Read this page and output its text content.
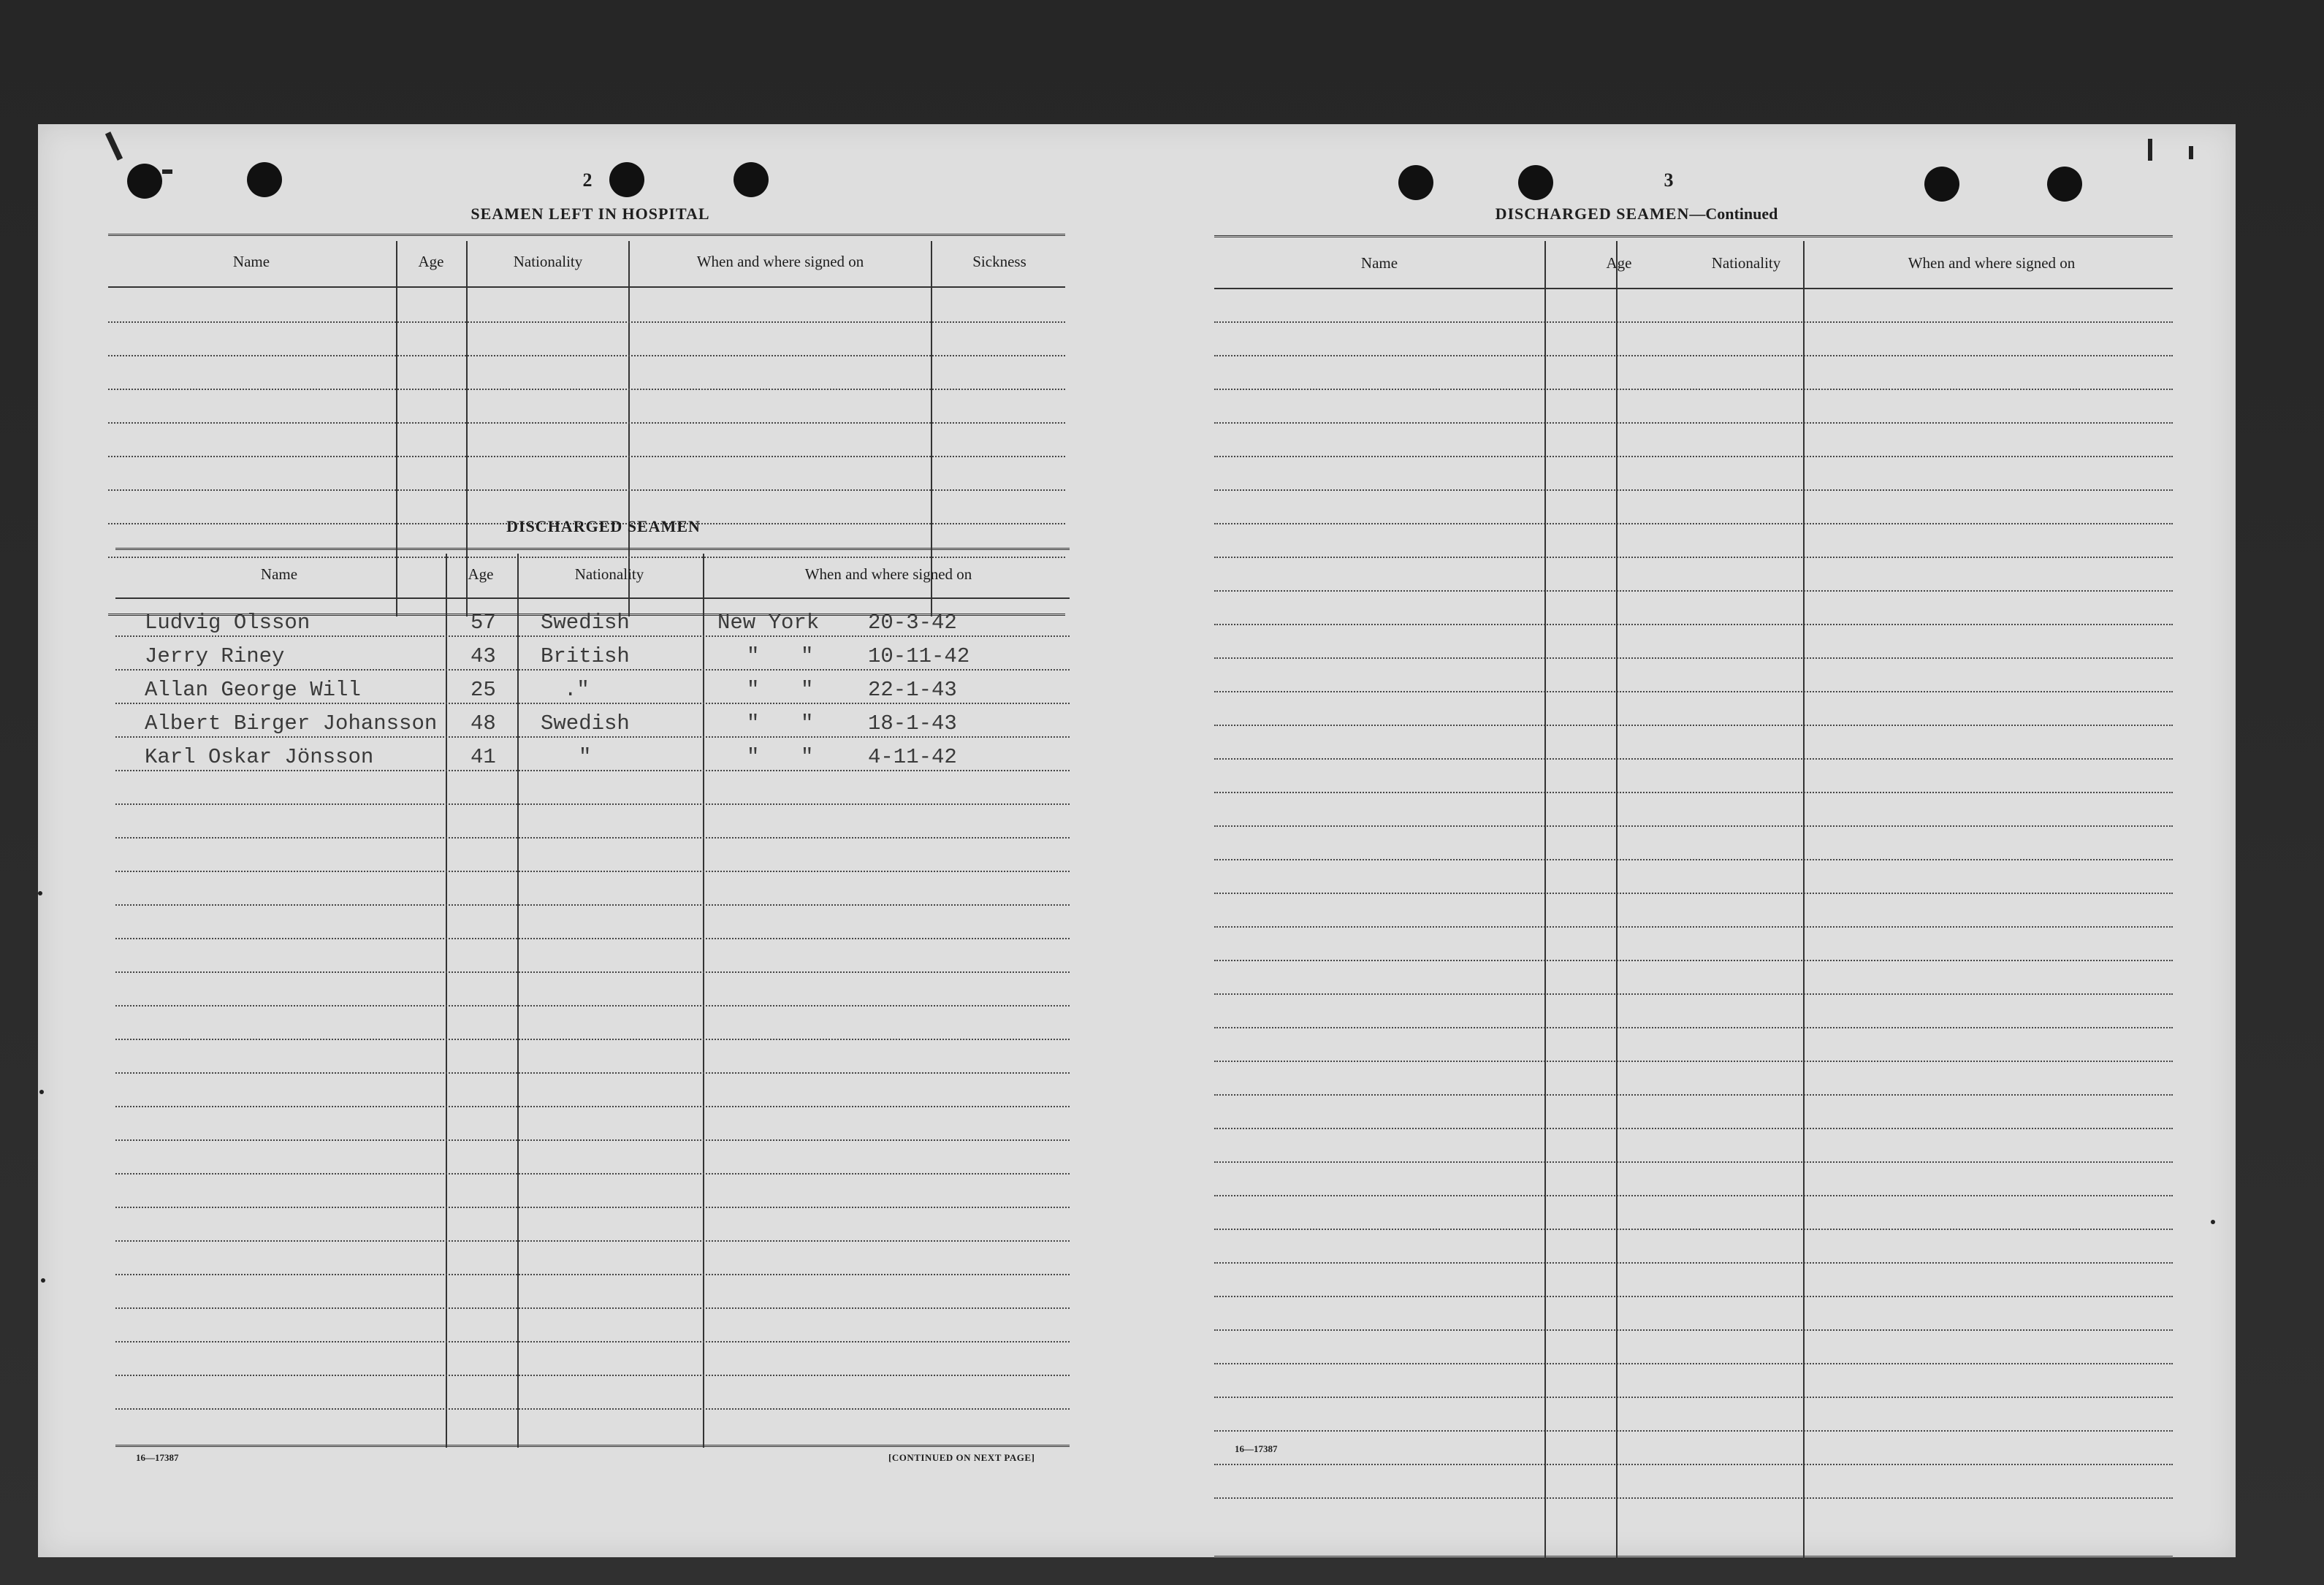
2
SEAMEN LEFT IN HOSPITAL
Name	Age	Nationality	When and where signed on	Sickness
DISCHARGED SEAMEN
Name	Age	Nationality	When and where signed on
Ludvig Olsson	57 Swedish	New York 20-3-42
Jerry Riney	43 British	" "	10-11-42
Allan George Will	25	."	" "	22-1-43
Albert Birger Johansson 48 Swedish	" "	18-1-43
Karl Oskar Jönsson	41	"	" "	4-11-42
16—17387	[CONTINUED ON NEXT PAGE]
3
DISCHARGED SEAMEN—Continued
Name	Age	Nationality	When and where signed on
16—17387
